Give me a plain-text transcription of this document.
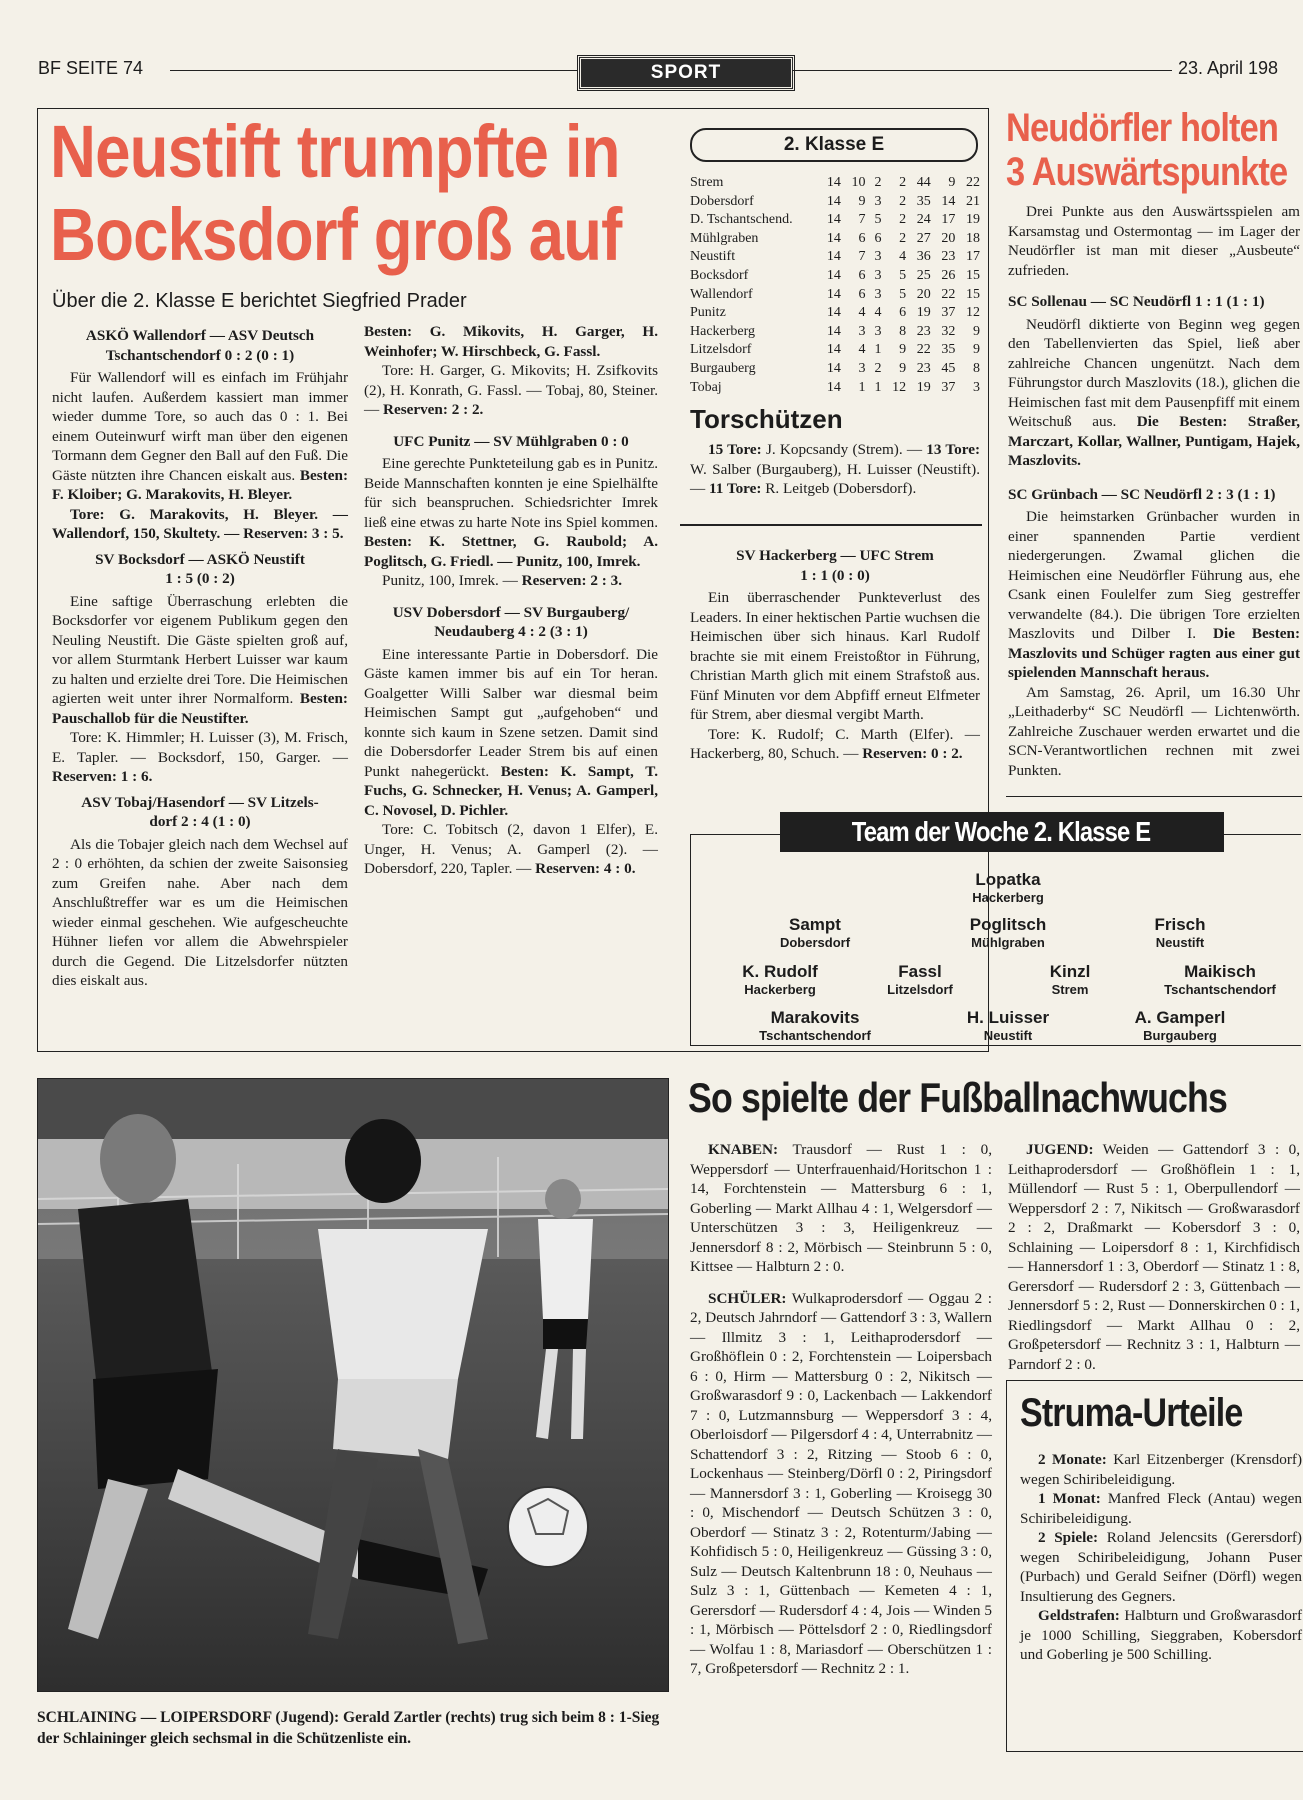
BF SEITE 74	SPORT	23. April 198
Neustift trumpfte in
Bocksdorf groß auf
Über die 2. Klasse E berichtet Siegfried Prader

ASKÖ Wallendorf — ASV Deutsch
Tschantschendorf 0 : 2 (0 : 1)

Für Wallendorf will es einfach im Frühjahr nicht laufen. Außerdem kassiert man immer wieder dumme Tore, so auch das 0 : 1. Bei einem Outeinwurf wirft man über den eigenen Tormann dem Gegner den Ball auf den Fuß. Die Gäste nützten ihre Chancen eiskalt aus. Besten: F. Kloiber; G. Marakovits, H. Bleyer.

Tore: G. Marakovits, H. Bleyer. — Wallendorf, 150, Skultety. — Reserven: 3 : 5.

SV Bocksdorf — ASKÖ Neustift
1 : 5 (0 : 2)

Eine saftige Überraschung erlebten die Bocksdorfer vor eigenem Publikum gegen den Neuling Neustift. Die Gäste spielten groß auf, vor allem Sturmtank Herbert Luisser war kaum zu halten und erzielte drei Tore. Die Heimischen agierten weit unter ihrer Normalform. Besten: Pauschallob für die Neustifter.

Tore: K. Himmler; H. Luisser (3), M. Frisch, E. Tapler. — Bocksdorf, 150, Garger. — Reserven: 1 : 6.

ASV Tobaj/Hasendorf — SV Litzels-
dorf 2 : 4 (1 : 0)

Als die Tobajer gleich nach dem Wechsel auf 2 : 0 erhöhten, da schien der zweite Saisonsieg zum Greifen nahe. Aber nach dem Anschlußtreffer war es um die Heimischen wieder einmal geschehen. Wie aufgescheuchte Hühner liefen vor allem die Abwehrspieler durch die Gegend. Die Litzelsdorfer nützten dies eiskalt aus.

Besten: G. Mikovits, H. Garger, H. Weinhofer; W. Hirschbeck, G. Fassl.

Tore: H. Garger, G. Mikovits; H. Zsifkovits (2), H. Konrath, G. Fassl. — Tobaj, 80, Steiner. — Reserven: 2 : 2.

UFC Punitz — SV Mühlgraben 0 : 0

Eine gerechte Punkteteilung gab es in Punitz. Beide Mannschaften konnten je eine Spielhälfte für sich beanspruchen. Schiedsrichter Imrek ließ eine etwas zu harte Note ins Spiel kommen. Besten: K. Stettner, G. Raubold; A. Poglitsch, G. Friedl. — Punitz, 100, Imrek.

Punitz, 100, Imrek. — Reserven: 2 : 3.

USV Dobersdorf — SV Burgauberg/
Neudauberg 4 : 2 (3 : 1)

Eine interessante Partie in Dobersdorf. Die Gäste kamen immer bis auf ein Tor heran. Goalgetter Willi Salber war diesmal beim Heimischen Sampt gut „aufgehoben“ und konnte sich kaum in Szene setzen. Damit sind die Dobersdorfer Leader Strem bis auf einen Punkt nahegerückt. Besten: K. Sampt, T. Fuchs, G. Schnecker, H. Venus; A. Gamperl, C. Novosel, D. Pichler.

Tore: C. Tobitsch (2, davon 1 Elfer), E. Unger, H. Venus; A. Gamperl (2). — Dobersdorf, 220, Tapler. — Reserven: 4 : 0.

2. Klasse E
Strem	14	10	2	2	44	9	22
Dobersdorf	14	9	3	2	35	14	21
D. Tschantschend.	14	7	5	2	24	17	19
Mühlgraben	14	6	6	2	27	20	18
Neustift	14	7	3	4	36	23	17
Bocksdorf	14	6	3	5	25	26	15
Wallendorf	14	6	3	5	20	22	15
Punitz	14	4	4	6	19	37	12
Hackerberg	14	3	3	8	23	32	9
Litzelsdorf	14	4	1	9	22	35	9
Burgauberg	14	3	2	9	23	45	8
Tobaj	14	1	1	12	19	37	3
Torschützen

15 Tore: J. Kopcsandy (Strem). — 13 Tore: W. Salber (Burgauberg), H. Luisser (Neustift). — 11 Tore: R. Leitgeb (Dobersdorf).

SV Hackerberg — UFC Strem
1 : 1 (0 : 0)

Ein überraschender Punkteverlust des Leaders. In einer hektischen Partie wuchsen die Heimischen über sich hinaus. Karl Rudolf brachte sie mit einem Freistoßtor in Führung, Christian Marth glich mit einem Strafstoß aus. Fünf Minuten vor dem Abpfiff erneut Elfmeter für Strem, aber diesmal vergibt Marth.

Tore: K. Rudolf; C. Marth (Elfer). — Hackerberg, 80, Schuch. — Reserven: 0 : 2.

Team der Woche 2. Klasse E
Lopatka
Hackerberg
Sampt
Dobersdorf
Poglitsch
Mühlgraben
Frisch
Neustift
K. Rudolf
Hackerberg
Fassl
Litzelsdorf
Kinzl
Strem
Maikisch
Tschantschendorf
Marakovits
Tschantschendorf
H. Luisser
Neustift
A. Gamperl
Burgauberg
Neudörfler holten
3 Auswärtspunkte

Drei Punkte aus den Auswärtsspielen am Karsamstag und Ostermontag — im Lager der Neudörfler ist man mit dieser „Ausbeute“ zufrieden.

SC Sollenau — SC Neudörfl 1 : 1 (1 : 1)

Neudörfl diktierte von Beginn weg gegen den Tabellenvierten das Spiel, ließ aber zahlreiche Chancen ungenützt. Nach dem Führungstor durch Maszlovits (18.), glichen die Heimischen fast mit dem Pausenpfiff mit einem Weitschuß aus. Die Besten: Straßer, Marczart, Kollar, Wallner, Puntigam, Hajek, Maszlovits.

SC Grünbach — SC Neudörfl 2 : 3 (1 : 1)

Die heimstarken Grünbacher wurden in einer spannenden Partie verdient niedergerungen. Zwamal glichen die Heimischen eine Neudörfler Führung aus, ehe Csank einen Foulelfer zum Sieg gestreffer verwandelte (84.). Die übrigen Tore erzielten Maszlovits und Dilber I. Die Besten: Maszlovits und Schüger ragten aus einer gut spielenden Mannschaft heraus.

Am Samstag, 26. April, um 16.30 Uhr „Leithaderby“ SC Neudörfl — Lichtenwörth. Zahlreiche Zuschauer werden erwartet und die SCN-Verantwortlichen rechnen mit zwei Punkten.

SCHLAINING — LOIPERSDORF (Jugend): Gerald Zartler (rechts) trug sich beim 8 : 1-Sieg der Schlaininger gleich sechsmal in die Schützenliste ein.

So spielte der Fußballnachwuchs

KNABEN: Trausdorf — Rust 1 : 0, Weppersdorf — Unterfrauenhaid/Horitschon 1 : 14, Forchtenstein — Mattersburg 6 : 1, Goberling — Markt Allhau 4 : 1, Welgersdorf — Unterschützen 3 : 3, Heiligenkreuz — Jennersdorf 8 : 2, Mörbisch — Steinbrunn 5 : 0, Kittsee — Halbturn 2 : 0.

SCHÜLER: Wulkaprodersdorf — Oggau 2 : 2, Deutsch Jahrndorf — Gattendorf 3 : 3, Wallern — Illmitz 3 : 1, Leithaprodersdorf — Großhöflein 0 : 2, Forchtenstein — Loipersbach 6 : 0, Hirm — Mattersburg 0 : 2, Nikitsch — Großwarasdorf 9 : 0, Lackenbach — Lakkendorf 7 : 0, Lutzmannsburg — Weppersdorf 3 : 4, Oberloisdorf — Pilgersdorf 4 : 4, Unterrabnitz — Schattendorf 3 : 2, Ritzing — Stoob 6 : 0, Lockenhaus — Steinberg/Dörfl 0 : 2, Piringsdorf — Mannersdorf 3 : 1, Goberling — Kroisegg 30 : 0, Mischendorf — Deutsch Schützen 3 : 0, Oberdorf — Stinatz 3 : 2, Rotenturm/Jabing — Kohfidisch 5 : 0, Heiligenkreuz — Güssing 3 : 0, Sulz — Deutsch Kaltenbrunn 18 : 0, Neuhaus — Sulz 3 : 1, Güttenbach — Kemeten 4 : 1, Gerersdorf — Rudersdorf 4 : 4, Jois — Winden 5 : 1, Mörbisch — Pöttelsdorf 2 : 0, Riedlingsdorf — Wolfau 1 : 8, Mariasdorf — Oberschützen 1 : 7, Großpetersdorf — Rechnitz 2 : 1.

JUGEND: Weiden — Gattendorf 3 : 0, Leithaprodersdorf — Großhöflein 1 : 1, Müllendorf — Rust 5 : 1, Oberpullendorf — Weppersdorf 2 : 7, Nikitsch — Großwarasdorf 2 : 2, Draßmarkt — Kobersdorf 3 : 0, Schlaining — Loipersdorf 8 : 1, Kirchfidisch — Hannersdorf 1 : 3, Oberdorf — Stinatz 1 : 8, Gerersdorf — Rudersdorf 2 : 3, Güttenbach — Jennersdorf 5 : 2, Rust — Donnerskirchen 0 : 1, Riedlingsdorf — Markt Allhau 0 : 2, Großpetersdorf — Rechnitz 3 : 1, Halbturn — Parndorf 2 : 0.

Struma-Urteile

2 Monate: Karl Eitzenberger (Krensdorf) wegen Schiribeleidigung.

1 Monat: Manfred Fleck (Antau) wegen Schiribeleidigung.

2 Spiele: Roland Jelencsits (Gerersdorf) wegen Schiribeleidigung, Johann Puser (Purbach) und Gerald Seifner (Dörfl) wegen Insultierung des Gegners.

Geldstrafen: Halbturn und Großwarasdorf je 1000 Schilling, Sieggraben, Kobersdorf und Goberling je 500 Schilling.
